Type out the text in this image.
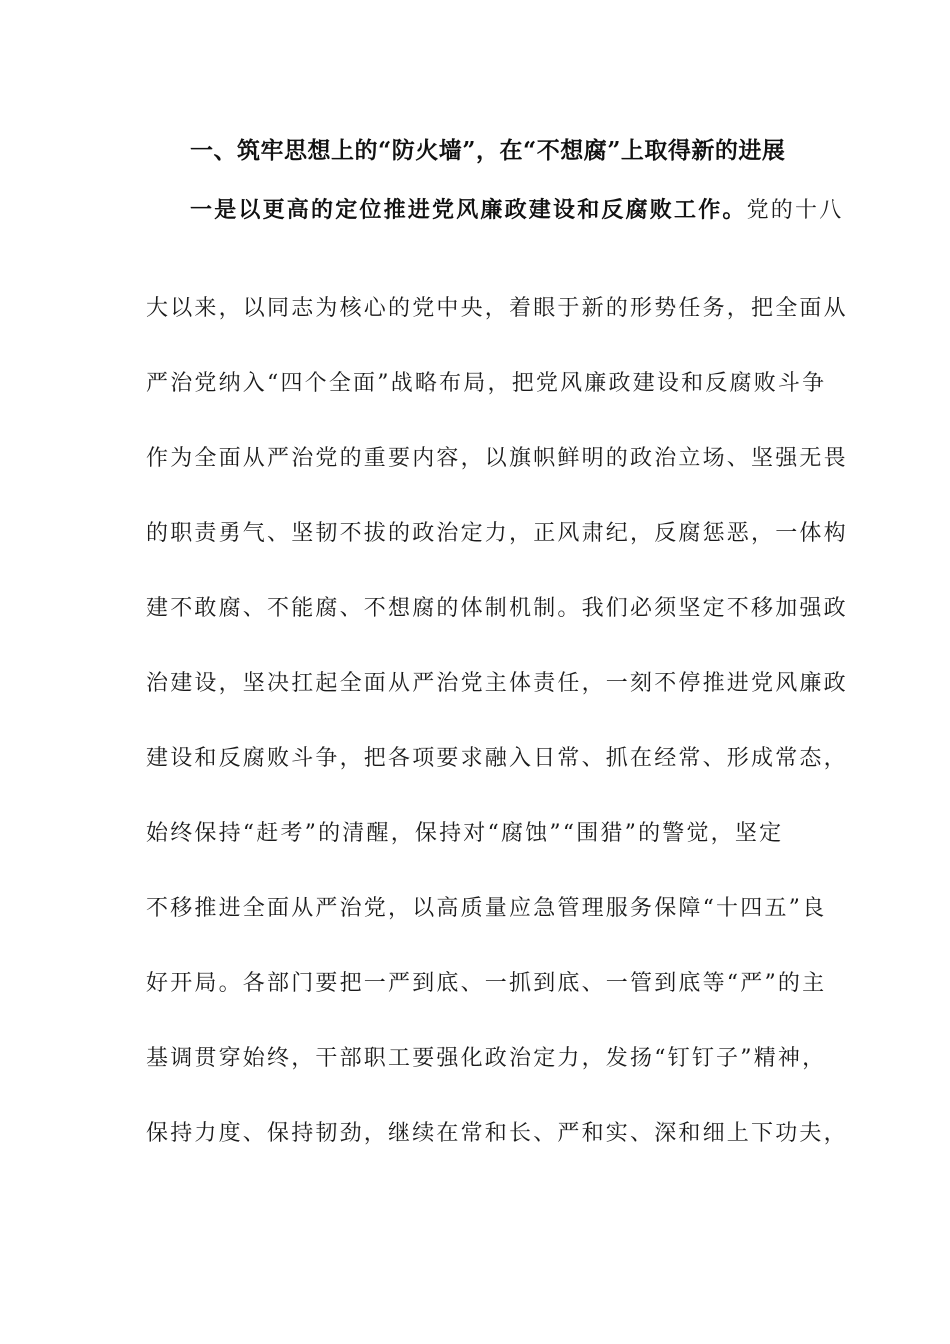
一、筑牢思想上的“防火墙”，在“不想腐”上取得新的进展
一是以更高的定位推进党风廉政建设和反腐败工作。党的十八
大以来，以同志为核心的党中央，着眼于新的形势任务，把全面从
严治党纳入“四个全面”战略布局，把党风廉政建设和反腐败斗争
作为全面从严治党的重要内容，以旗帜鲜明的政治立场、坚强无畏
的职责勇气、坚韧不拔的政治定力，正风肃纪，反腐惩恶，一体构
建不敢腐、不能腐、不想腐的体制机制。我们必须坚定不移加强政
治建设，坚决扛起全面从严治党主体责任，一刻不停推进党风廉政
建设和反腐败斗争，把各项要求融入日常、抓在经常、形成常态，
始终保持“赶考”的清醒，保持对“腐蚀”“围猎”的警觉，坚定
不移推进全面从严治党，以高质量应急管理服务保障“十四五”良
好开局。各部门要把一严到底、一抓到底、一管到底等“严”的主
基调贯穿始终，干部职工要强化政治定力，发扬“钉钉子”精神，
保持力度、保持韧劲，继续在常和长、严和实、深和细上下功夫，
